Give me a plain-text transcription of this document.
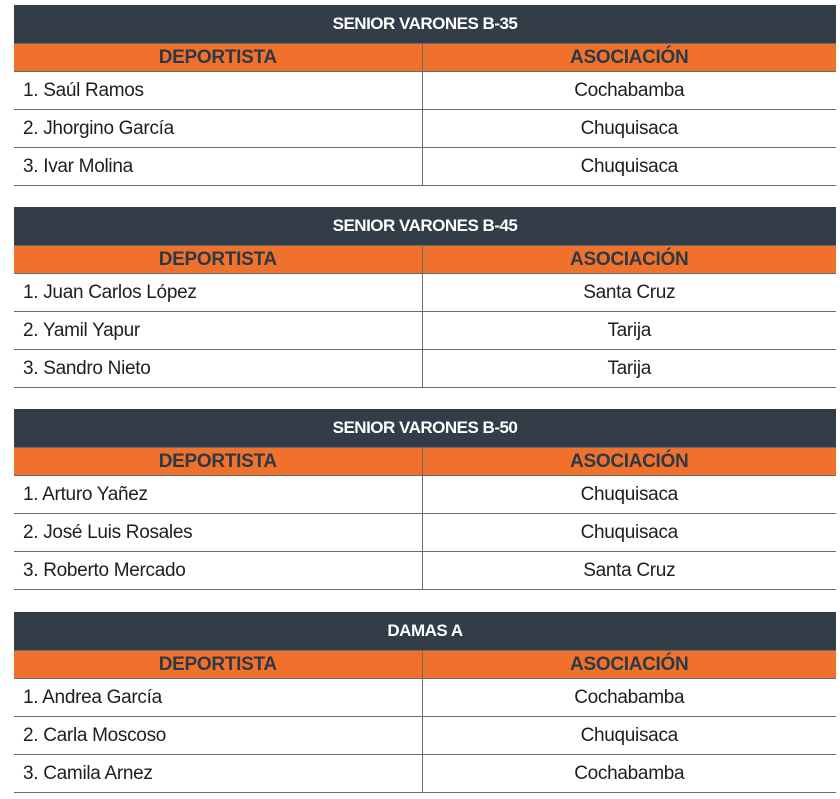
SENIOR VARONES B-35
DEPORTISTA	ASOCIACIÓN
1. Saúl Ramos	Cochabamba
2. Jhorgino García	Chuquisaca
3. Ivar Molina	Chuquisaca
SENIOR VARONES B-45
DEPORTISTA	ASOCIACIÓN
1. Juan Carlos López	Santa Cruz
2. Yamil Yapur	Tarija
3. Sandro Nieto	Tarija
SENIOR VARONES B-50
DEPORTISTA	ASOCIACIÓN
1. Arturo Yañez	Chuquisaca
2. José Luis Rosales	Chuquisaca
3. Roberto Mercado	Santa Cruz
DAMAS A
DEPORTISTA	ASOCIACIÓN
1. Andrea García	Cochabamba
2. Carla Moscoso	Chuquisaca
3. Camila Arnez	Cochabamba
